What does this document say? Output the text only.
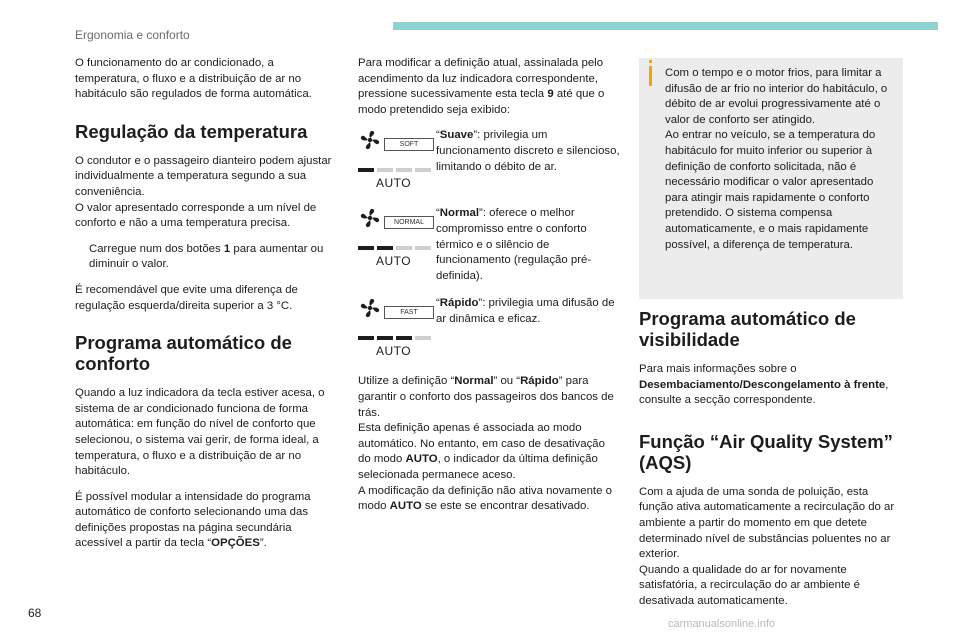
Ergonomia e conforto

O funcionamento do ar condicionado, a temperatura, o fluxo e a distribuição de ar no habitáculo são regulados de forma automática.

Regulação da temperatura

O condutor e o passageiro dianteiro podem ajustar individualmente a temperatura segundo a sua conveniência.

O valor apresentado corresponde a um nível de conforto e não a uma temperatura precisa.

Carregue num dos botões 1 para aumentar ou diminuir o valor.

É recomendável que evite uma diferença de regulação esquerda/direita superior a 3 °C.

Programa automático de conforto

Quando a luz indicadora da tecla estiver acesa, o sistema de ar condicionado funciona de forma automática: em função do nível de conforto que selecionou, o sistema vai gerir, de forma ideal, a temperatura, o fluxo e a distribuição de ar no habitáculo.

É possível modular a intensidade do programa automático de conforto selecionando uma das definições propostas na página secundária acessível a partir da tecla “OPÇÕES”.

Para modificar a definição atual, assinalada pelo acendimento da luz indicadora correspondente, pressione sucessivamente esta tecla 9 até que o modo pretendido seja exibido:

SOFT
AUTO
“Suave”: privilegia um funcionamento discreto e silencioso, limitando o débito de ar.
NORMAL
AUTO
“Normal”: oferece o melhor compromisso entre o conforto térmico e o silêncio de funcionamento (regulação pré-definida).
FAST
AUTO
“Rápido”: privilegia uma difusão de ar dinâmica e eficaz.

Utilize a definição “Normal” ou “Rápido” para garantir o conforto dos passageiros dos bancos de trás.

Esta definição apenas é associada ao modo automático. No entanto, em caso de desativação do modo AUTO, o indicador da última definição selecionada permanece aceso.

A modificação da definição não ativa novamente o modo AUTO se este se encontrar desativado.

Com o tempo e o motor frios, para limitar a difusão de ar frio no interior do habitáculo, o débito de ar evolui progressivamente até o valor de conforto ser atingido.

Ao entrar no veículo, se a temperatura do habitáculo for muito inferior ou superior à definição de conforto solicitada, não é necessário modificar o valor apresentado para atingir mais rapidamente o conforto pretendido. O sistema compensa automaticamente, e o mais rapidamente possível, a diferença de temperatura.

Programa automático de visibilidade

Para mais informações sobre o Desembaciamento/Descongelamento à frente, consulte a secção correspondente.

Função “Air Quality System” (AQS)

Com a ajuda de uma sonda de poluição, esta função ativa automaticamente a recirculação do ar ambiente a partir do momento em que detete determinado nível de substâncias poluentes no ar exterior.

Quando a qualidade do ar for novamente satisfatória, a recirculação do ar ambiente é desativada automaticamente.

68
carmanualsonline.info
